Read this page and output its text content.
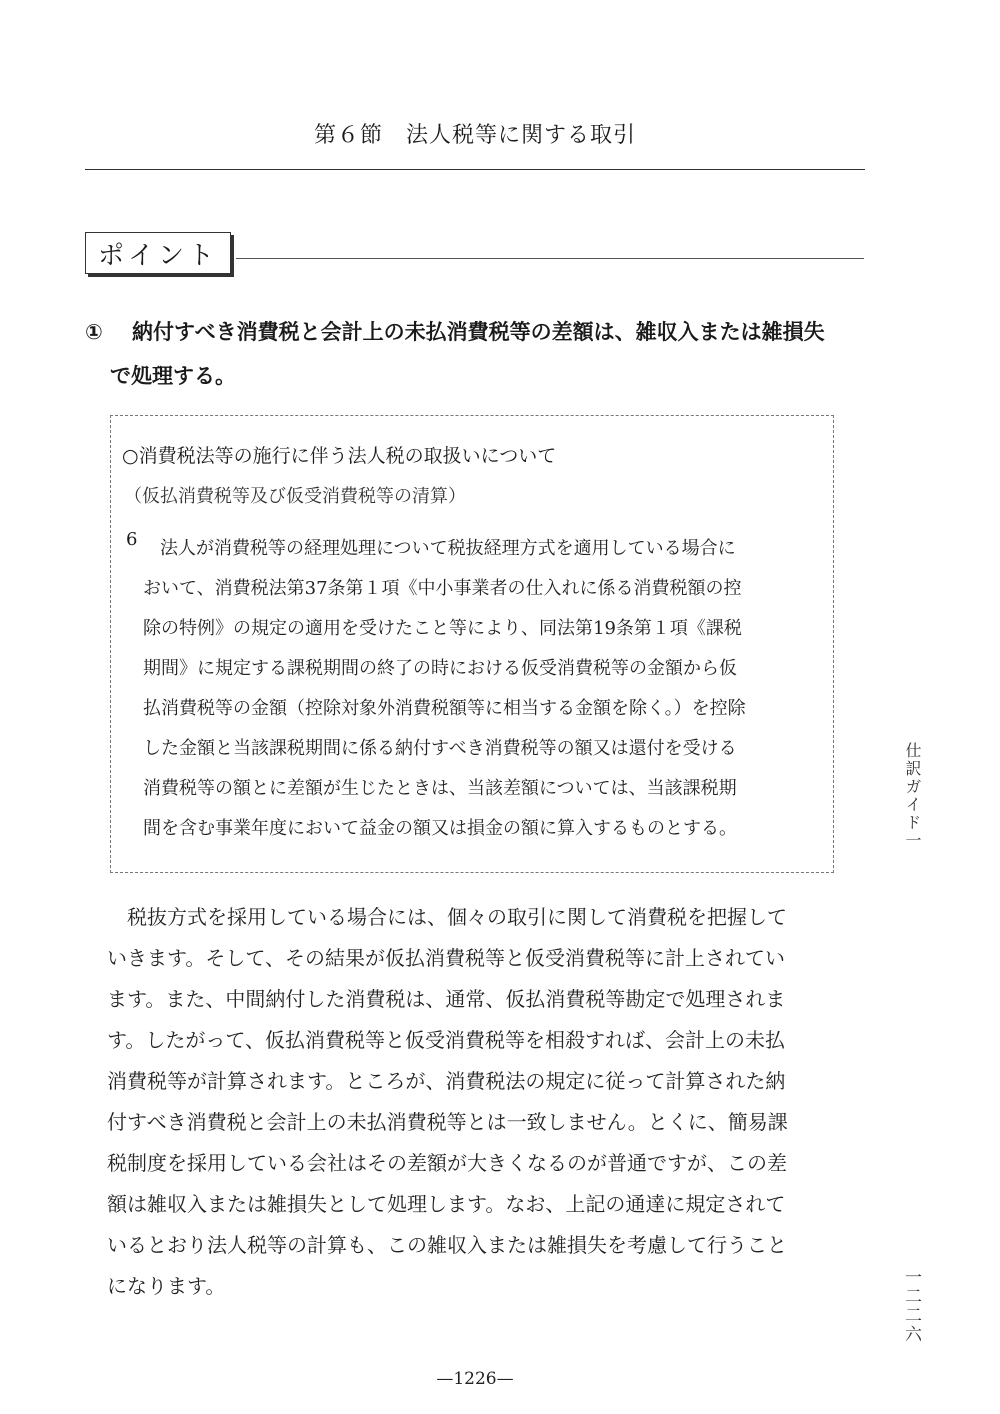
第６節　法人税等に関する取引
ポイント
① 納付すべき消費税と会計上の未払消費税等の差額は、雑収入または雑損失
で処理する。
○消費税法等の施行に伴う法人税の取扱いについて
（仮払消費税等及び仮受消費税等の清算）
6	法人が消費税等の経理処理について税抜経理方式を適用している場合に
おいて、消費税法第37条第１項《中小事業者の仕入れに係る消費税額の控
除の特例》の規定の適用を受けたこと等により、同法第19条第１項《課税
期間》に規定する課税期間の終了の時における仮受消費税等の金額から仮
払消費税等の金額（控除対象外消費税額等に相当する金額を除く。）を控除
した金額と当該課税期間に係る納付すべき消費税等の額又は還付を受ける
消費税等の額とに差額が生じたときは、当該差額については、当該課税期
間を含む事業年度において益金の額又は損金の額に算入するものとする。
税抜方式を採用している場合には、個々の取引に関して消費税を把握して
いきます。そして、その結果が仮払消費税等と仮受消費税等に計上されてい
ます。また、中間納付した消費税は、通常、仮払消費税等勘定で処理されま
す。したがって、仮払消費税等と仮受消費税等を相殺すれば、会計上の未払
消費税等が計算されます。ところが、消費税法の規定に従って計算された納
付すべき消費税と会計上の未払消費税等とは一致しません。とくに、簡易課
税制度を採用している会社はその差額が大きくなるのが普通ですが、この差
額は雑収入または雑損失として処理します。なお、上記の通達に規定されて
いるとおり法人税等の計算も、この雑収入または雑損失を考慮して行うこと
になります。
仕訳ガイド一
一二二六
—1226—
